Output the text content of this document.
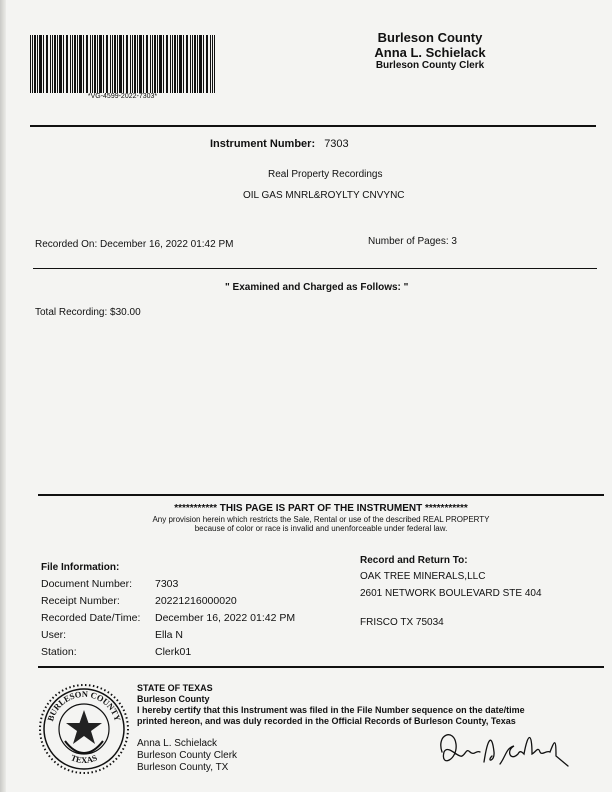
*VG-4599-2022-7303*
Burleson County
Anna L. Schielack
Burleson County Clerk
Instrument Number: 7303
Real Property Recordings
OIL GAS MNRL&ROYLTY CNVYNC
Recorded On: December 16, 2022 01:42 PM	Number of Pages: 3
" Examined and Charged as Follows: "
Total Recording: $30.00
*********** THIS PAGE IS PART OF THE INSTRUMENT ***********
Any provision herein which restricts the Sale, Rental or use of the described REAL PROPERTY
because of color or race is invalid and unenforceable under federal law.
File Information:
Document Number:	7303
Receipt Number:	20221216000020
Recorded Date/Time:	December 16, 2022 01:42 PM
User:	Ella N
Station:	Clerk01
Record and Return To:
OAK TREE MINERALS,LLC
2601 NETWORK BOULEVARD STE 404
FRISCO TX 75034
BURLESON COUNTY
TEXAS
STATE OF TEXAS
Burleson County
I hereby certify that this Instrument was filed in the File Number sequence on the date/time
printed hereon, and was duly recorded in the Official Records of Burleson County, Texas
Anna L. Schielack
Burleson County Clerk
Burleson County, TX
